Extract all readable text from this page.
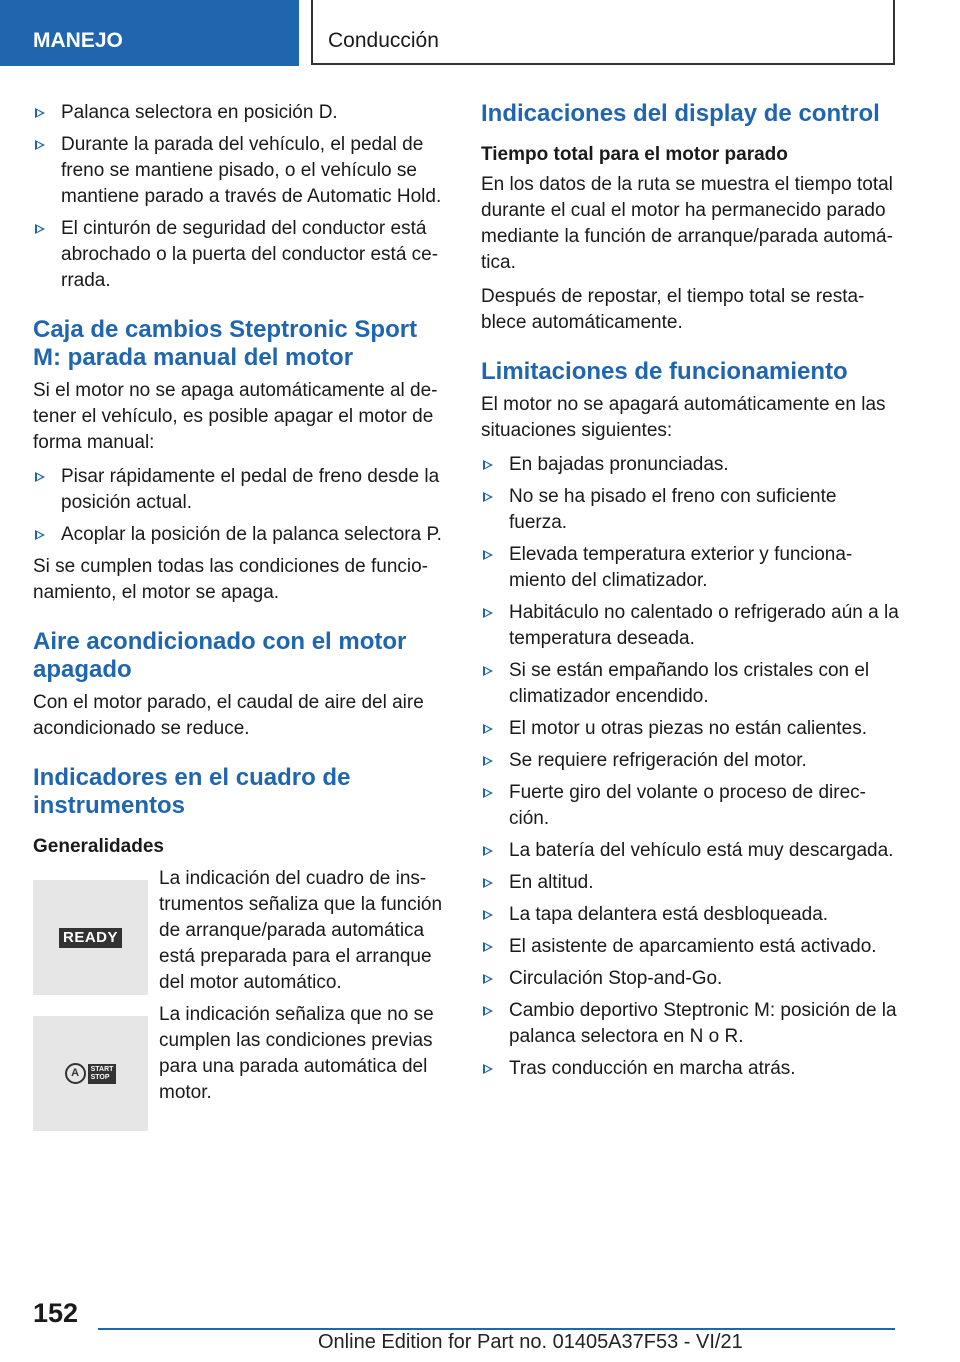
MANEJO	Conducción
Palanca selectora en posición D.
Durante la parada del vehículo, el pedal de freno se mantiene pisado, o el vehículo se mantiene parado a través de Automatic Hold.
El cinturón de seguridad del conductor está abrochado o la puerta del conductor está ce-rrada.
Caja de cambios Steptronic Sport M: parada manual del motor

Si el motor no se apaga automáticamente al de-tener el vehículo, es posible apagar el motor de forma manual:

Pisar rápidamente el pedal de freno desde la posición actual.
Acoplar la posición de la palanca selectora P.

Si se cumplen todas las condiciones de funcio-namiento, el motor se apaga.

Aire acondicionado con el motor apagado

Con el motor parado, el caudal de aire del aire acondicionado se reduce.

Indicadores en el cuadro de instrumentos
Generalidades
READY
La indicación del cuadro de ins-trumentos señaliza que la función de arranque/parada automática está preparada para el arranque del motor automático.
A	START
STOP
La indicación señaliza que no se cumplen las condiciones previas para una parada automática del motor.
Indicaciones del display de control
Tiempo total para el motor parado

En los datos de la ruta se muestra el tiempo total durante el cual el motor ha permanecido parado mediante la función de arranque/parada automá-tica.

Después de repostar, el tiempo total se resta-blece automáticamente.

Limitaciones de funcionamiento

El motor no se apagará automáticamente en las situaciones siguientes:

En bajadas pronunciadas.
No se ha pisado el freno con suficiente fuerza.
Elevada temperatura exterior y funciona-miento del climatizador.
Habitáculo no calentado o refrigerado aún a la temperatura deseada.
Si se están empañando los cristales con el climatizador encendido.
El motor u otras piezas no están calientes.
Se requiere refrigeración del motor.
Fuerte giro del volante o proceso de direc-ción.
La batería del vehículo está muy descargada.
En altitud.
La tapa delantera está desbloqueada.
El asistente de aparcamiento está activado.
Circulación Stop-and-Go.
Cambio deportivo Steptronic M: posición de la palanca selectora en N o R.
Tras conducción en marcha atrás.
152
Online Edition for Part no. 01405A37F53 - VI/21
